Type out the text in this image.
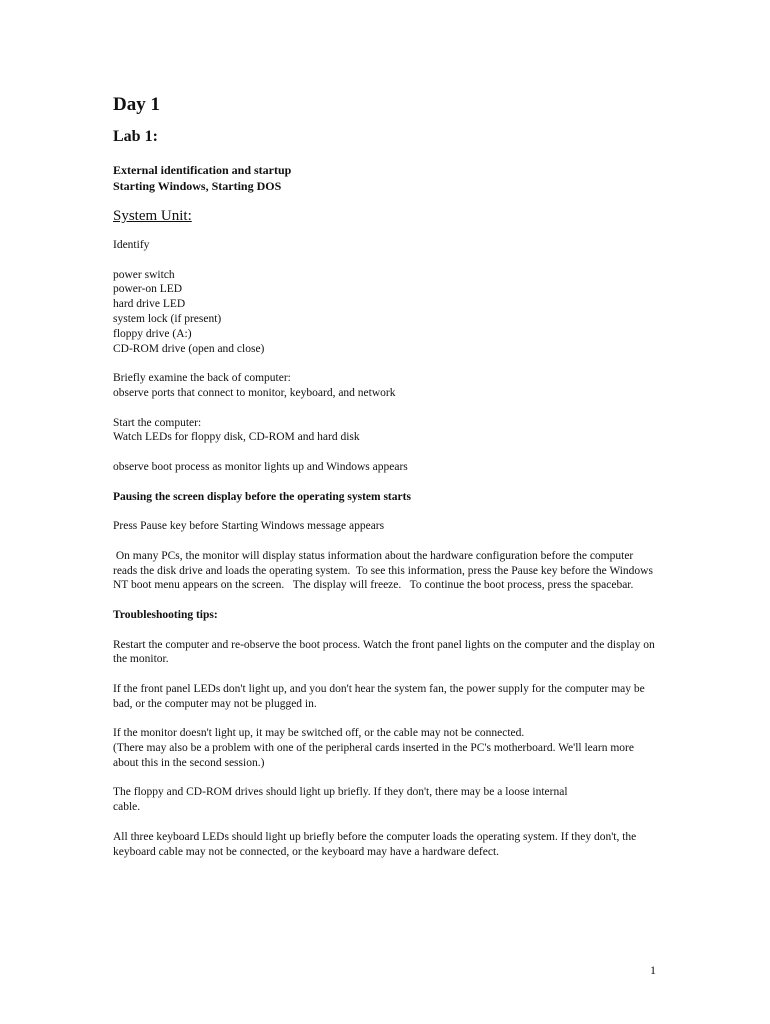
Day 1
Lab 1:
External identification and startup
Starting Windows, Starting DOS
System Unit:

Identify

power switch
power-on LED
hard drive LED
system lock (if present)
floppy drive (A:)
CD-ROM drive (open and close)
Briefly examine the back of computer:
observe ports that connect to monitor, keyboard, and network
Start the computer:
Watch LEDs for floppy disk, CD-ROM and hard disk

observe boot process as monitor lights up and Windows appears

Pausing the screen display before the operating system starts

Press Pause key before Starting Windows message appears

On many PCs, the monitor will display status information about the hardware configuration before the computer reads the disk drive and loads the operating system.  To see this information, press the Pause key before the Windows NT boot menu appears on the screen.   The display will freeze.   To continue the boot process, press the spacebar.

Troubleshooting tips:

Restart the computer and re-observe the boot process. Watch the front panel lights on the computer and the display on the monitor.

If the front panel LEDs don't light up, and you don't hear the system fan, the power supply for the computer may be bad, or the computer may not be plugged in.

If the monitor doesn't light up, it may be switched off, or the cable may not be connected.
(There may also be a problem with one of the peripheral cards inserted in the PC's motherboard. We'll learn more about this in the second session.)
The floppy and CD-ROM drives should light up briefly. If they don't, there may be a loose internal
cable.

All three keyboard LEDs should light up briefly before the computer loads the operating system. If they don't, the keyboard cable may not be connected, or the keyboard may have a hardware defect.

1
